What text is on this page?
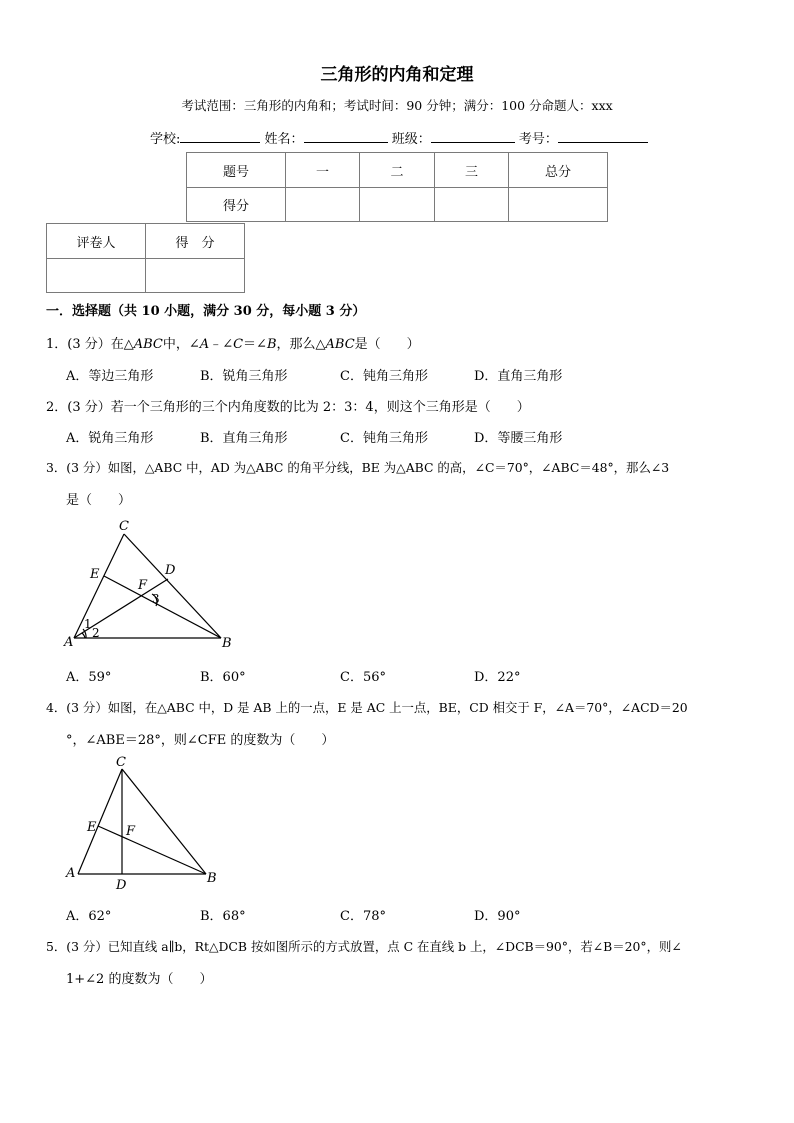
三角形的内角和定理
考试范围：三角形的内角和；考试时间：90 分钟；满分：100 分命题人：xxx
学校:	姓名：	班级：	考号：
题号	一	二	三	总分
得分				
评卷人	得　分

一．选择题（共 10 小题，满分 30 分，每小题 3 分）
1．(3 分）在△ABC中，∠A﹣∠C＝∠B，那么△ABC是（　　）
A．等边三角形	B．锐角三角形	C．钝角三角形	D．直角三角形
2．(3 分）若一个三角形的三个内角度数的比为 2：3：4，则这个三角形是（　　）
A．锐角三角形	B．直角三角形	C．钝角三角形	D．等腰三角形
3．(3 分）如图，△ABC 中，AD 为△ABC 的角平分线，BE 为△ABC 的高，∠C＝70°，∠ABC＝48°，那么∠3
是（　　）
C
E	D
F
3
1
2
A	B
A．59°	B．60°	C．56°	D．22°
4．(3 分）如图，在△ABC 中，D 是 AB 上的一点，E 是 AC 上一点，BE，CD 相交于 F，∠A＝70°，∠ACD＝20
°，∠ABE＝28°，则∠CFE 的度数为（　　）
C
E F
A
D	B
A．62°	B．68°	C．78°	D．90°
5．(3 分）已知直线 a∥b，Rt△DCB 按如图所示的方式放置，点 C 在直线 b 上，∠DCB＝90°，若∠B＝20°，则∠
1+∠2 的度数为（　　）
